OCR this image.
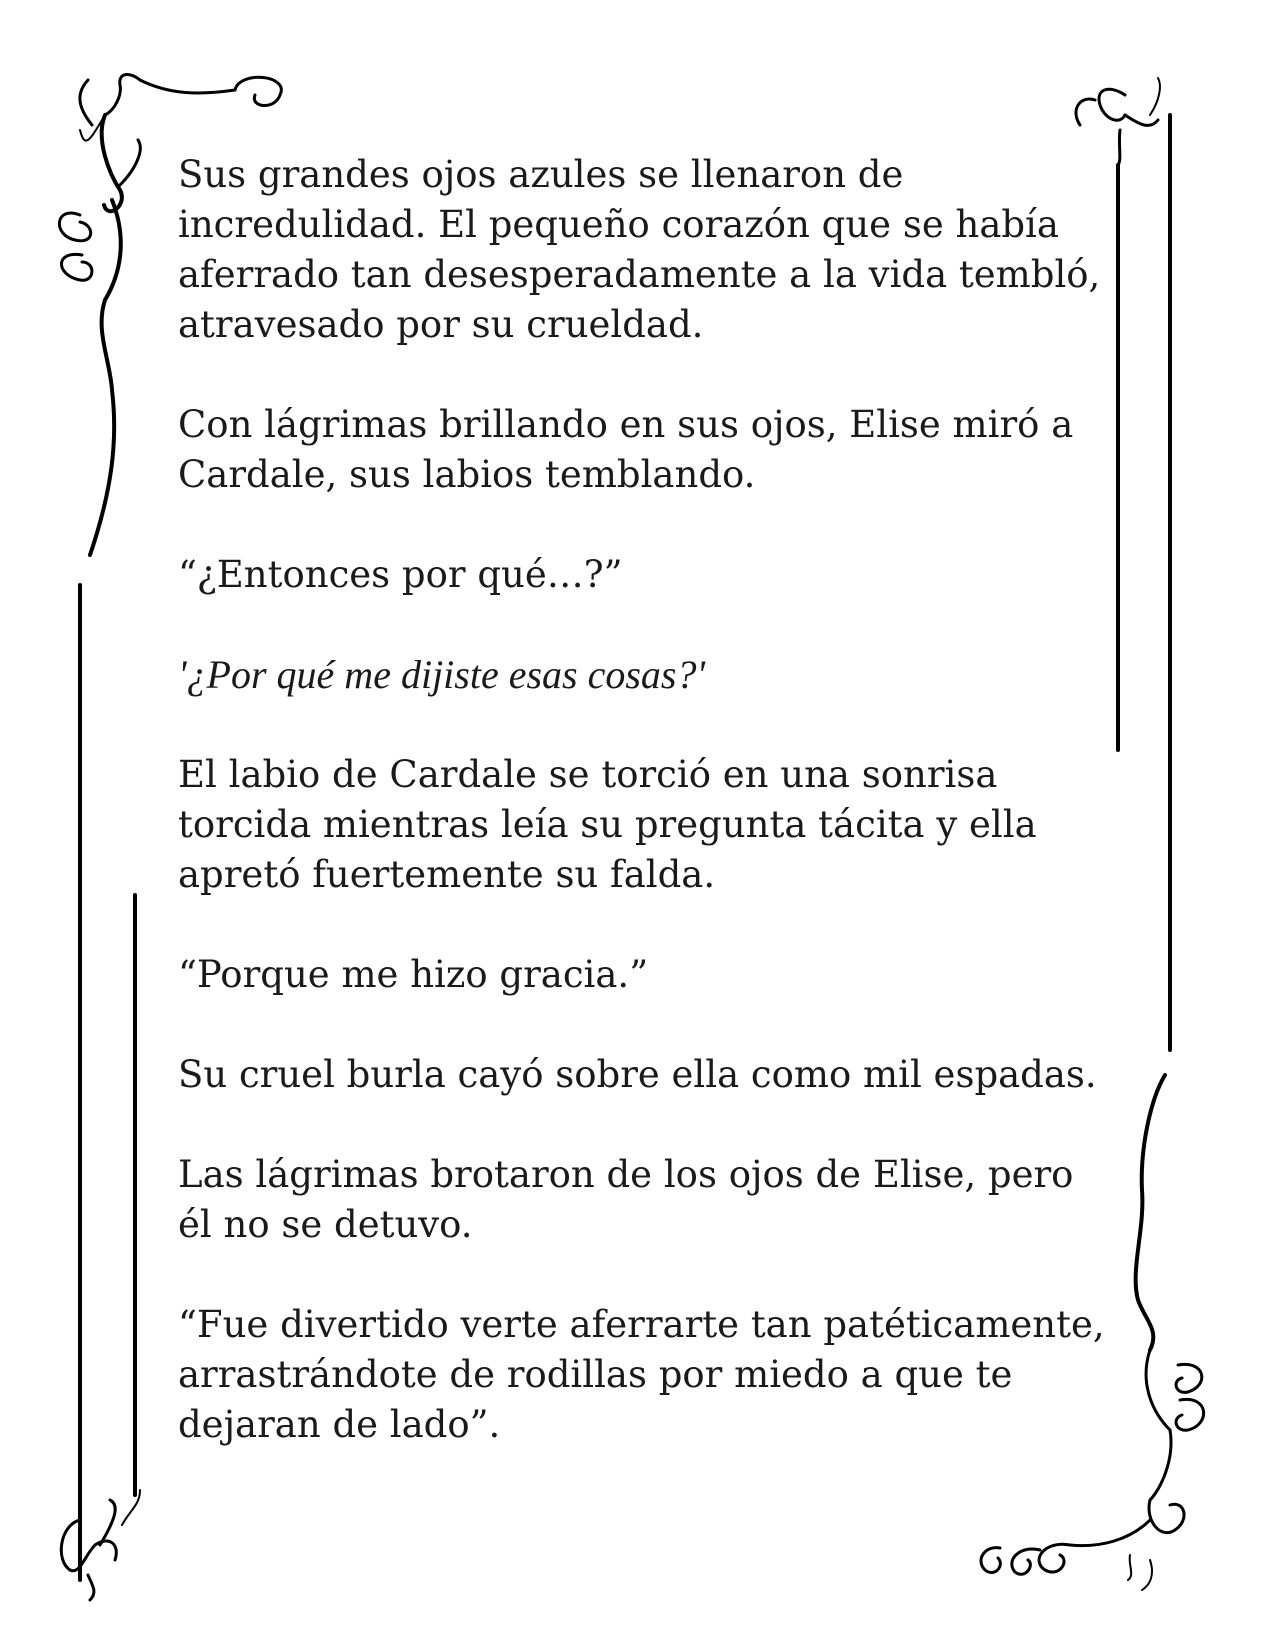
Sus grandes ojos azules se llenaron de incredulidad. El pequeño corazón que se había aferrado tan desesperadamente a la vida tembló, atravesado por su crueldad.

Con lágrimas brillando en sus ojos, Elise miró a Cardale, sus labios temblando.

“¿Entonces por qué…?”

'¿Por qué me dijiste esas cosas?'

El labio de Cardale se torció en una sonrisa torcida mientras leía su pregunta tácita y ella apretó fuertemente su falda.

“Porque me hizo gracia.”

Su cruel burla cayó sobre ella como mil espadas.

Las lágrimas brotaron de los ojos de Elise, pero él no se detuvo.

“Fue divertido verte aferrarte tan patéticamente, arrastrándote de rodillas por miedo a que te dejaran de lado”.
